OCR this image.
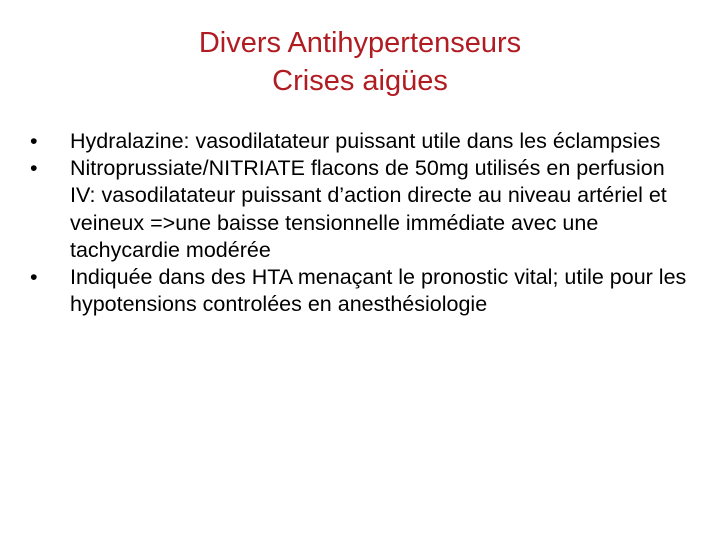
Divers Antihypertenseurs
Crises aigües
•	Hydralazine: vasodilatateur puissant utile dans les éclampsies
•	Nitroprussiate/NITRIATE flacons de 50mg utilisés en perfusion IV: vasodilatateur puissant d’action directe au niveau artériel et veineux =>une baisse tensionnelle immédiate avec une tachycardie modérée
•	Indiquée dans des HTA menaçant le pronostic vital; utile pour les hypotensions controlées en anesthésiologie
